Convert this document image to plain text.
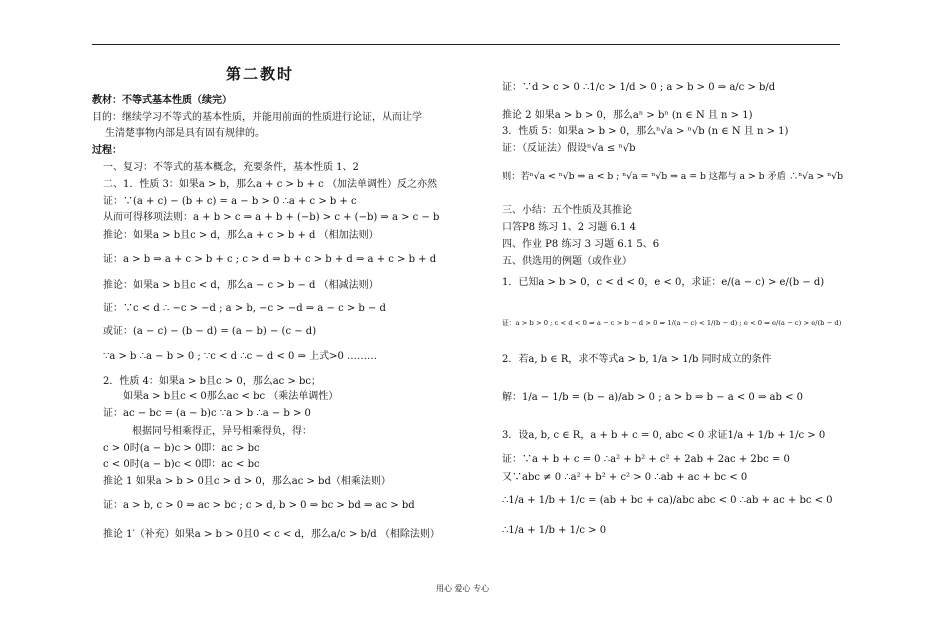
第二教时
教材：不等式基本性质（续完）
目的：继续学习不等式的基本性质，并能用前面的性质进行论证，从而让学
生清楚事物内部是具有固有规律的。
过程：
一、复习：不等式的基本概念，充要条件，基本性质 1、2
二、1．性质 3：如果a > b，那么a + c > b + c （加法单调性）反之亦然
证：∵(a + c) − (b + c) = a − b > 0 ∴a + c > b + c
从而可得移项法则：a + b > c ⇒ a + b + (−b) > c + (−b) ⇒ a > c − b
推论：如果a > b且c > d，那么a + c > b + d （相加法则）
证：a > b ⇒ a + c > b + c ; c > d ⇒ b + c > b + d ⇒ a + c > b + d
推论：如果a > b且c < d，那么a − c > b − d （相减法则）
证：∵c < d ∴ −c > −d ; a > b, −c > −d ⇒ a − c > b − d
或证：(a − c) − (b − d) = (a − b) − (c − d)
∵a > b ∴a − b > 0 ; ∵c < d ∴c − d < 0 ⇒ 上式>0 ………
2．性质 4：如果a > b且c > 0，那么ac > bc；
如果a > b且c < 0那么ac < bc （乘法单调性）
证：ac − bc = (a − b)c ∵a > b ∴a − b > 0
根据同号相乘得正，异号相乘得负，得：
c > 0时(a − b)c > 0即：ac > bc
c < 0时(a − b)c < 0即：ac < bc
推论 1 如果a > b > 0且c > d > 0，那么ac > bd（相乘法则）
证：a > b, c > 0 ⇒ ac > bc ; c > d, b > 0 ⇒ bc > bd ⇒ ac > bd
推论 1′（补充）如果a > b > 0且0 < c < d，那么a/c > b/d （相除法则）
证：∵d > c > 0 ∴1/c > 1/d > 0 ; a > b > 0 ⇒ a/c > b/d
推论 2 如果a > b > 0，那么aⁿ > bⁿ (n ∈ N 且 n > 1)
3．性质 5：如果a > b > 0，那么ⁿ√a > ⁿ√b (n ∈ N 且 n > 1)
证：（反证法）假设ⁿ√a ≤ ⁿ√b
则：若ⁿ√a < ⁿ√b ⇒ a < b ; ⁿ√a = ⁿ√b ⇒ a = b 这都与 a > b 矛盾 ∴ⁿ√a > ⁿ√b
三、小结：五个性质及其推论
口答P8 练习 1、2 习题 6.1 4
四、作业 P8 练习 3 习题 6.1 5、6
五、供选用的例题（或作业）
1．已知a > b > 0，c < d < 0，e < 0，求证：e/(a − c) > e/(b − d)
证：a > b > 0 ; c < d < 0 ⇒ a − c > b − d > 0 ⇒ 1/(a − c) < 1/(b − d) ; e < 0 ⇒ e/(a − c) > e/(b − d)
2．若a, b ∈ R，求不等式a > b, 1/a > 1/b 同时成立的条件
解：1/a − 1/b = (b − a)/ab > 0 ; a > b ⇒ b − a < 0 ⇒ ab < 0
3．设a, b, c ∈ R，a + b + c = 0, abc < 0 求证1/a + 1/b + 1/c > 0
证：∵a + b + c = 0 ∴a² + b² + c² + 2ab + 2ac + 2bc = 0
又∵abc ≠ 0 ∴a² + b² + c² > 0 ∴ab + ac + bc < 0
∴1/a + 1/b + 1/c = (ab + bc + ca)/abc abc < 0 ∴ab + ac + bc < 0
∴1/a + 1/b + 1/c > 0
用心 爱心 专心
